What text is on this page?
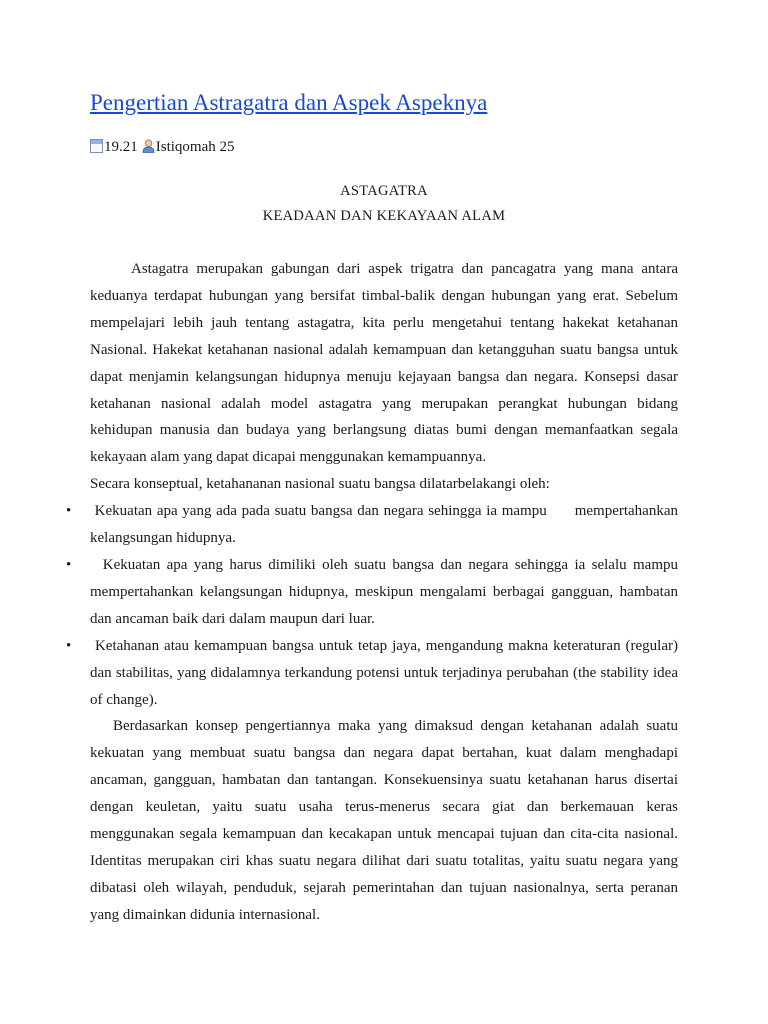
Pengertian Astragatra dan Aspek Aspeknya
19.21 Istiqomah 25
ASTAGATRA
KEADAAN DAN KEKAYAAN ALAM

Astagatra merupakan gabungan dari aspek trigatra dan pancagatra yang mana antara keduanya terdapat hubungan yang bersifat timbal-balik dengan hubungan yang erat. Sebelum mempelajari lebih jauh tentang astagatra, kita perlu mengetahui tentang hakekat ketahanan Nasional. Hakekat ketahanan nasional adalah kemampuan dan ketangguhan suatu bangsa untuk dapat menjamin kelangsungan hidupnya menuju kejayaan bangsa dan negara. Konsepsi dasar ketahanan nasional adalah model astagatra yang merupakan perangkat hubungan bidang kehidupan manusia dan budaya yang berlangsung diatas bumi dengan memanfaatkan segala kekayaan alam yang dapat dicapai menggunakan kemampuannya.

Secara konseptual, ketahananan nasional suatu bangsa dilatarbelakangi oleh:

• Kekuatan apa yang ada pada suatu bangsa dan negara sehingga ia mampu      mempertahankan kelangsungan hidupnya.
• Kekuatan apa yang harus dimiliki oleh suatu bangsa dan negara sehingga ia selalu mampu mempertahankan kelangsungan hidupnya, meskipun mengalami berbagai gangguan, hambatan dan ancaman baik dari dalam maupun dari luar.
• Ketahanan atau kemampuan bangsa untuk tetap jaya, mengandung makna keteraturan (regular) dan stabilitas, yang didalamnya terkandung potensi untuk terjadinya perubahan (the stability idea of change).

Berdasarkan konsep pengertiannya maka yang dimaksud dengan ketahanan adalah suatu kekuatan yang membuat suatu bangsa dan negara dapat bertahan, kuat dalam menghadapi ancaman, gangguan, hambatan dan tantangan. Konsekuensinya suatu ketahanan harus disertai dengan keuletan, yaitu suatu usaha terus-menerus secara giat dan berkemauan keras menggunakan segala kemampuan dan kecakapan untuk mencapai tujuan dan cita-cita nasional. Identitas merupakan ciri khas suatu negara dilihat dari suatu totalitas, yaitu suatu negara yang dibatasi oleh wilayah, penduduk, sejarah pemerintahan dan tujuan nasionalnya, serta peranan yang dimainkan didunia internasional.
